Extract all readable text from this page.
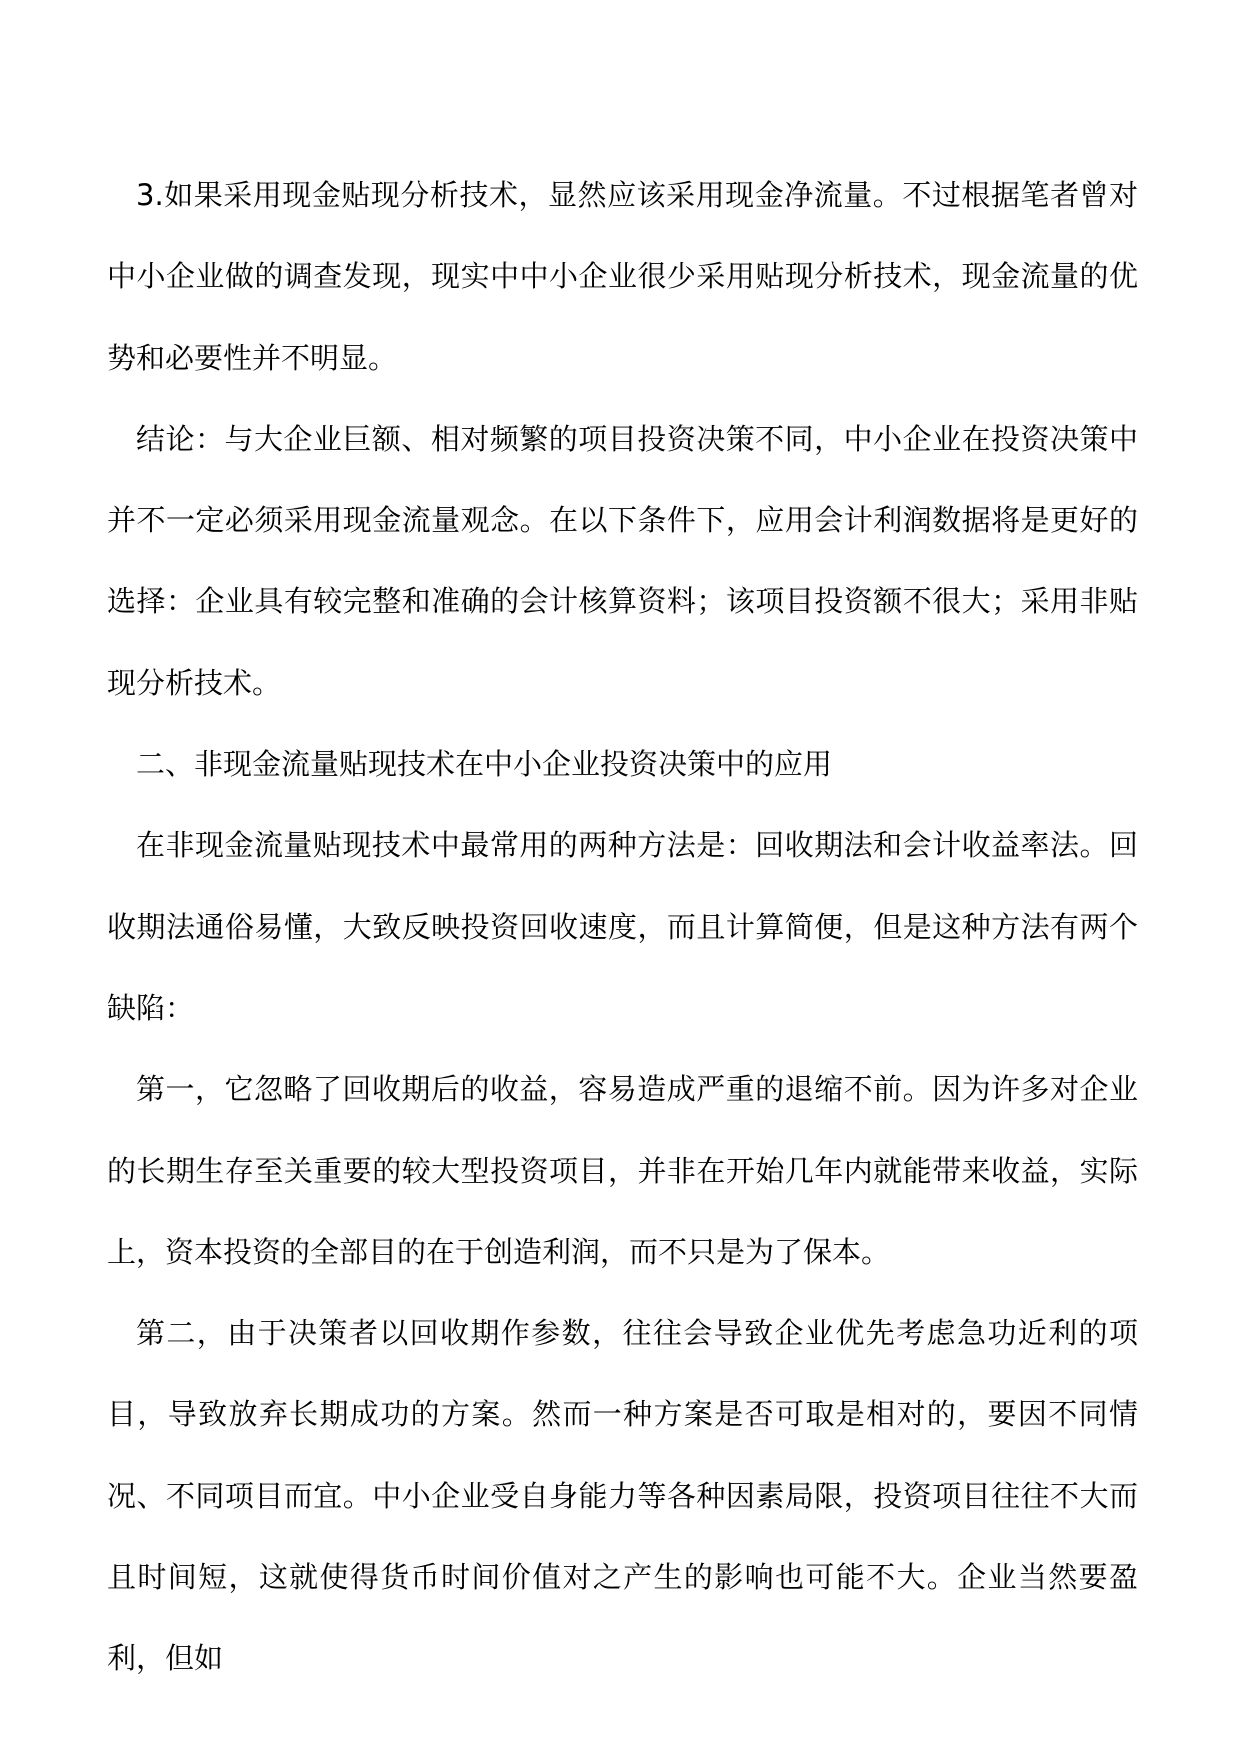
3.如果采用现金贴现分析技术，显然应该采用现金净流量。不过根据笔者曾对中小企业做的调查发现，现实中中小企业很少采用贴现分析技术，现金流量的优势和必要性并不明显。

结论：与大企业巨额、相对频繁的项目投资决策不同，中小企业在投资决策中并不一定必须采用现金流量观念。在以下条件下，应用会计利润数据将是更好的选择：企业具有较完整和准确的会计核算资料；该项目投资额不很大；采用非贴现分析技术。

二、非现金流量贴现技术在中小企业投资决策中的应用

在非现金流量贴现技术中最常用的两种方法是：回收期法和会计收益率法。回收期法通俗易懂，大致反映投资回收速度，而且计算简便，但是这种方法有两个缺陷：

第一，它忽略了回收期后的收益，容易造成严重的退缩不前。因为许多对企业的长期生存至关重要的较大型投资项目，并非在开始几年内就能带来收益，实际上，资本投资的全部目的在于创造利润，而不只是为了保本。

第二，由于决策者以回收期作参数，往往会导致企业优先考虑急功近利的项目，导致放弃长期成功的方案。然而一种方案是否可取是相对的，要因不同情况、不同项目而宜。中小企业受自身能力等各种因素局限，投资项目往往不大而且时间短，这就使得货币时间价值对之产生的影响也可能不大。企业当然要盈利，但如
